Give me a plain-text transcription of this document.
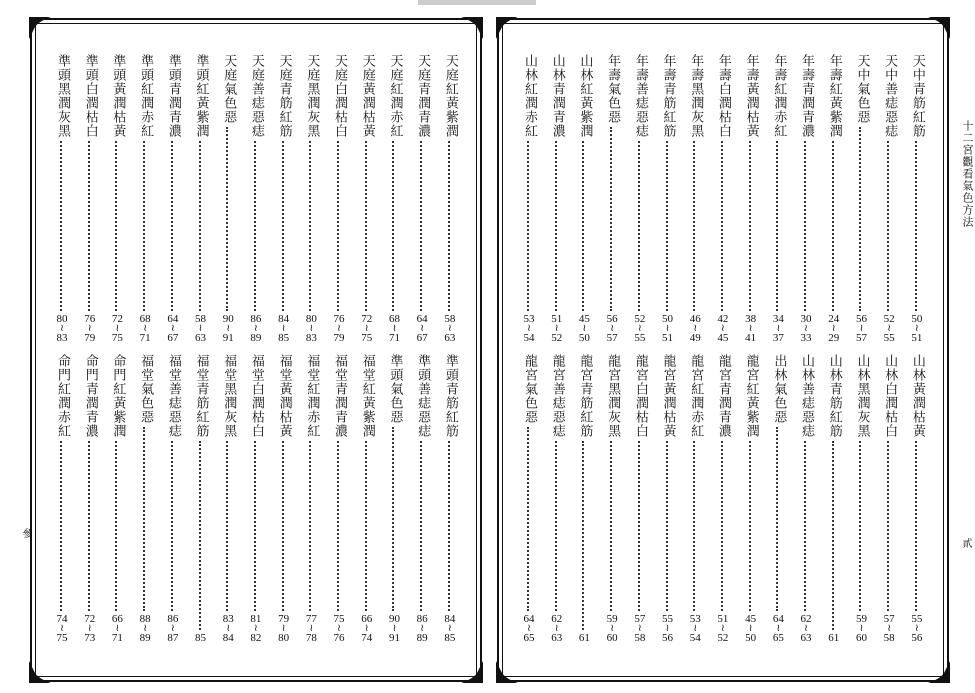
天庭紅黃紫潤
58
≀
63
天庭青潤青濃
64
≀
67
天庭紅潤赤紅
68
≀
71
天庭黃潤枯黃
72
≀
75
天庭白潤枯白
76
≀
79
天庭黑潤灰黑
80
≀
83
天庭青筋紅筋
84
≀
85
天庭善痣惡痣
86
≀
89
天庭氣色惡
90
≀
91
準頭紅黃紫潤
58
≀
63
準頭青潤青濃
64
≀
67
準頭紅潤赤紅
68
≀
71
準頭黃潤枯黃
72
≀
75
準頭白潤枯白
76
≀
79
準頭黑潤灰黑
80
≀
83
準頭青筋紅筋
84
≀
85
準頭善痣惡痣
86
≀
89
準頭氣色惡
90
≀
91
福堂紅黃紫潤
66
≀
74
福堂青潤青濃
75
≀
76
福堂紅潤赤紅
77
≀
78
福堂黃潤枯黃
79
≀
80
福堂白潤枯白
81
≀
82
福堂黑潤灰黑
83
≀
84
福堂青筋紅筋
85
福堂善痣惡痣
86
≀
87
福堂氣色惡
88
≀
89
命門紅黃紫潤
66
≀
71
命門青潤青濃
72
≀
73
命門紅潤赤紅
74
≀
75
天中青筋紅筋
50
≀
51
天中善痣惡痣
52
≀
55
天中氣色惡
56
≀
57
年壽紅黃紫潤
24
≀
29
年壽青潤青濃
30
≀
33
年壽紅潤赤紅
34
≀
37
年壽黃潤枯黃
38
≀
41
年壽白潤枯白
42
≀
45
年壽黑潤灰黑
46
≀
49
年壽青筋紅筋
50
≀
51
年壽善痣惡痣
52
≀
55
年壽氣色惡
56
≀
57
山林紅黃紫潤
45
≀
50
山林青潤青濃
51
≀
52
山林紅潤赤紅
53
≀
54
山林黃潤枯黃
55
≀
56
山林白潤枯白
57
≀
58
山林黑潤灰黑
59
≀
60
山林青筋紅筋
61
山林善痣惡痣
62
≀
63
出林氣色惡
64
≀
65
龍宮紅黃紫潤
45
≀
50
龍宮青潤青濃
51
≀
52
龍宮紅潤赤紅
53
≀
54
龍宮黃潤枯黃
55
≀
56
龍宮白潤枯白
57
≀
58
龍宮黑潤灰黑
59
≀
60
龍宮青筋紅筋
61
龍宮善痣惡痣
62
≀
63
龍宮氣色惡
64
≀
65
十二宮觀看氣色方法
貳
參
